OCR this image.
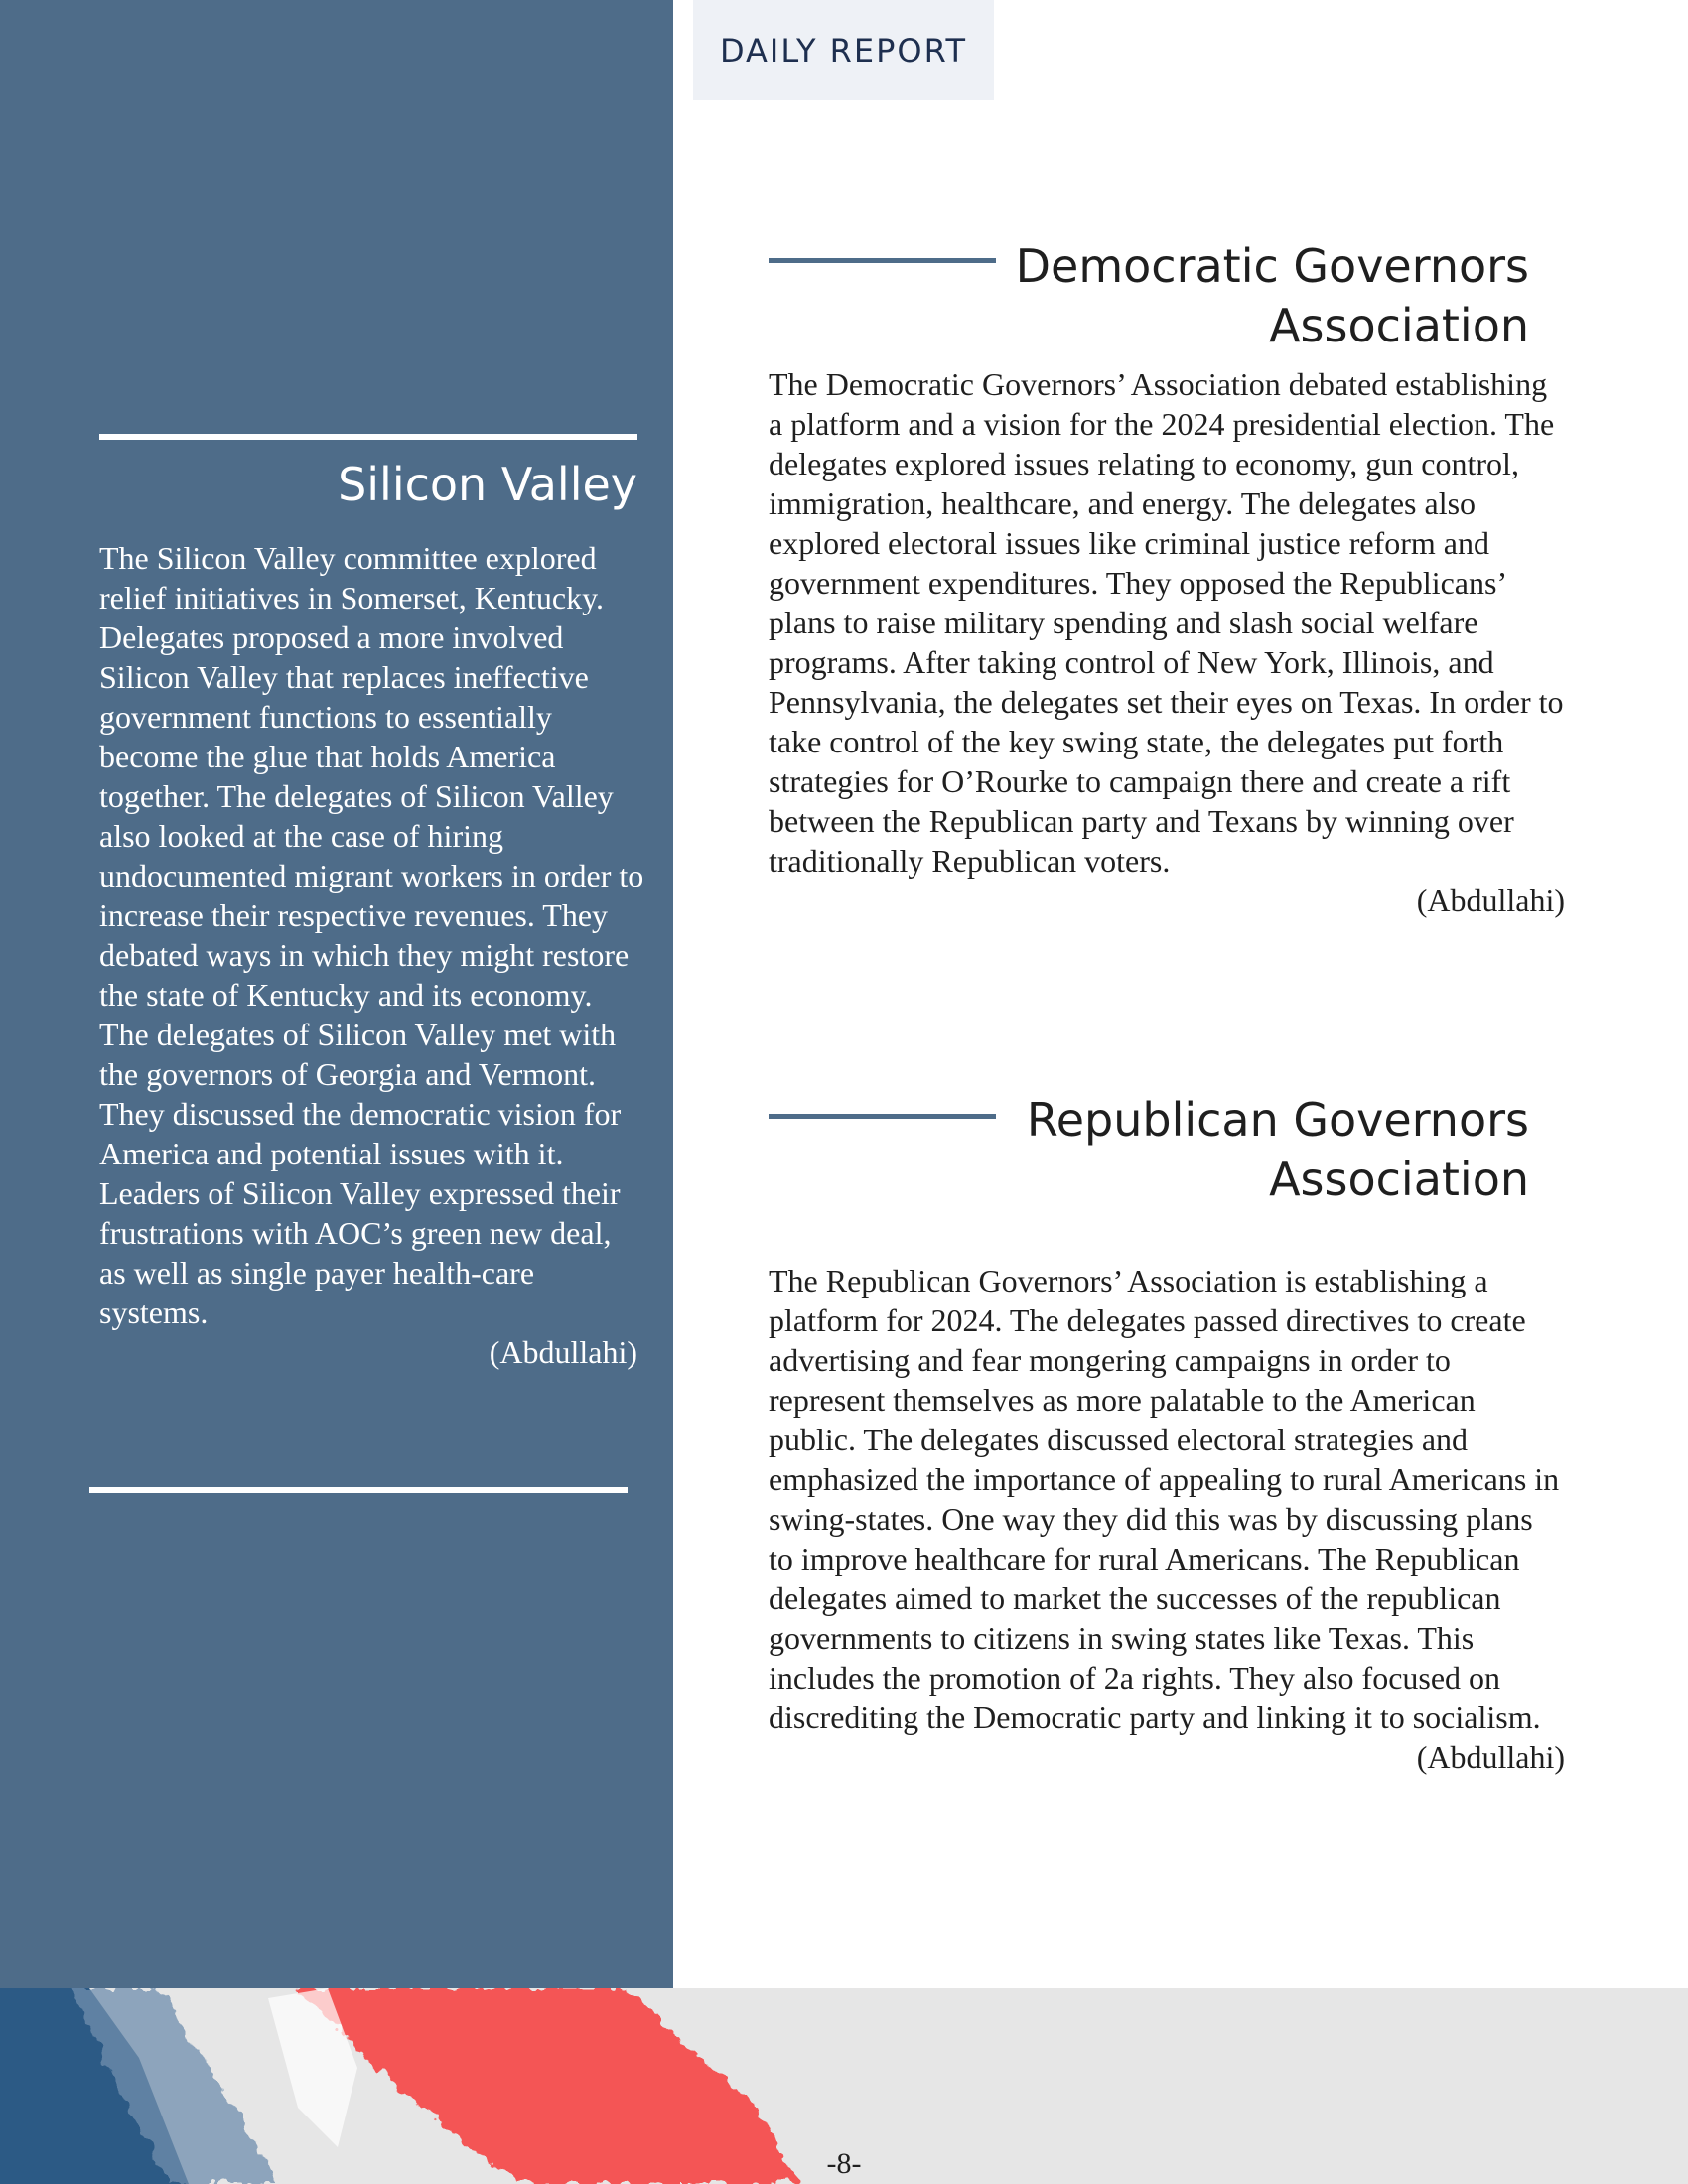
Silicon Valley

The Silicon Valley committee explored relief initiatives in Somerset, Kentucky. Delegates proposed a more involved Silicon Valley that replaces ineffective government functions to essentially become the glue that holds America together. The delegates of Silicon Valley also looked at the case of hiring undocumented migrant workers in order to increase their respective revenues. They debated ways in which they might restore the state of Kentucky and its economy. The delegates of Silicon Valley met with the governors of Georgia and Vermont. They discussed the democratic vision for America and potential issues with it. Leaders of Silicon Valley expressed their frustrations with AOC’s green new deal, as well as single payer health-care systems.
(Abdullahi)

DAILY REPORT
Democratic Governors Association

The Democratic Governors’ Association debated establishing a platform and a vision for the 2024 presidential election. The delegates explored issues relating to economy, gun control, immigration, healthcare, and energy. The delegates also explored electoral issues like criminal justice reform and government expenditures. They opposed the Republicans’ plans to raise military spending and slash social welfare programs. After taking control of New York, Illinois, and Pennsylvania, the delegates set their eyes on Texas. In order to take control of the key swing state, the delegates put forth strategies for O’Rourke to campaign there and create a rift between the Republican party and Texans by winning over traditionally Republican voters.
(Abdullahi)

Republican Governors Association

The Republican Governors’ Association is establishing a platform for 2024. The delegates passed directives to create advertising and fear mongering campaigns in order to represent themselves as more palatable to the American public. The delegates discussed electoral strategies and emphasized the importance of appealing to rural Americans in swing-states. One way they did this was by discussing plans to improve healthcare for rural Americans. The Republican delegates aimed to market the successes of the republican governments to citizens in swing states like Texas. This includes the promotion of 2a rights. They also focused on discrediting the Democratic party and linking it to socialism.
(Abdullahi)

-8-
